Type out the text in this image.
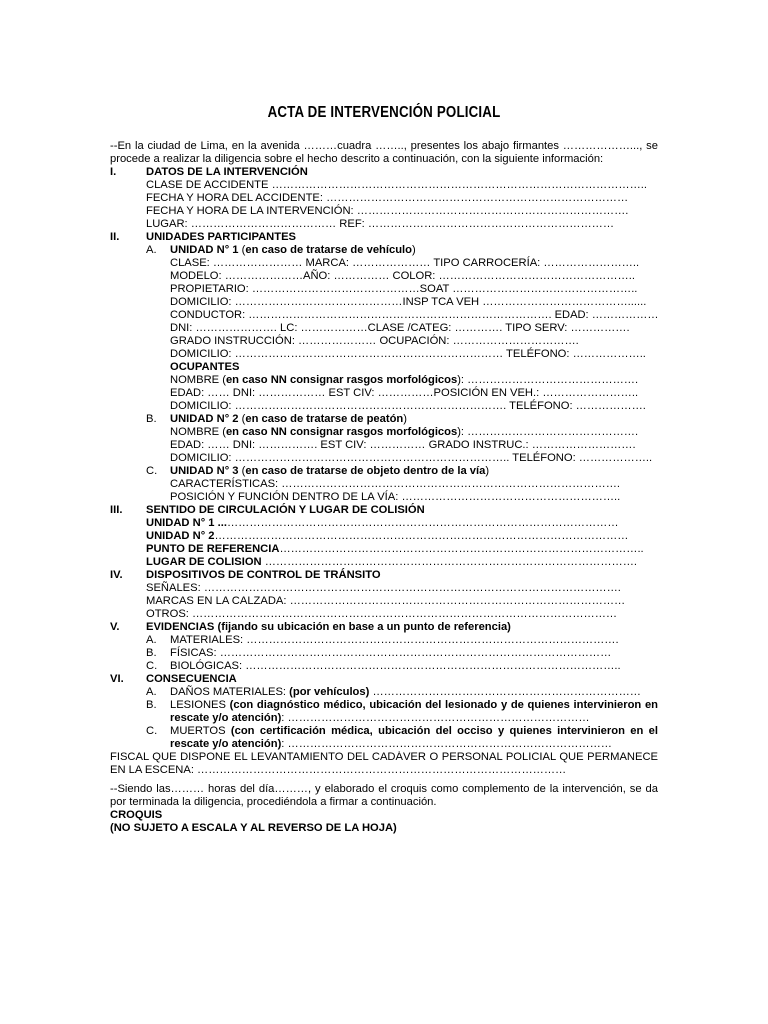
ACTA DE INTERVENCIÓN POLICIAL
--En la ciudad de Lima, en la avenida ………cuadra …….., presentes los abajo firmantes ………………..., se procede a realizar la diligencia sobre el hecho descrito a continuación, con la siguiente información:
I.	DATOS DE LA INTERVENCIÓN
CLASE DE ACCIDENTE ………………………………………………………………………………………..
FECHA Y HORA DEL ACCIDENTE: ………………………………………………………………………
FECHA Y HORA DE LA INTERVENCIÓN: ……………………………………………………………….
LUGAR: ………………………………… REF: …………………………………………………………
II. UNIDADES PARTICIPANTES
A. UNIDAD N° 1 (en caso de tratarse de vehículo)
CLASE: …………………… MARCA: ………………… TIPO CARROCERÍA: ……………………..
MODELO: …………………AÑO: …………… COLOR: ……………………………………………..
PROPIETARIO: ………………………………………SOAT …………………………………………..
DOMICILIO: ………………………………………INSP TCA VEH …………………………………......
CONDUCTOR: ………………………………………………………………………. EDAD: ………………
DNI: …………………. LC: ………………CLASE /CATEG: …………. TIPO SERV: …………….
GRADO INSTRUCCIÓN: ………………… OCUPACIÓN: …………………………….
DOMICILIO: ……………………………………………………………… TELÉFONO: ………………..
OCUPANTES
NOMBRE (en caso NN consignar rasgos morfológicos): ……………………………………….
EDAD: …… DNI: ……………… EST CIV: ……………POSICIÓN EN VEH.: ……………………..
DOMICILIO: ………………………………………………………………. TELÉFONO: ……………….
B. UNIDAD N° 2 (en caso de tratarse de peatón)
NOMBRE (en caso NN consignar rasgos morfológicos): ……………………………………….
EDAD: …… DNI: ……………. EST CIV: …………… GRADO INSTRUC.: ……………………….
DOMICILIO: ……………………………………………………………….. TELÉFONO: ………………..
C. UNIDAD N° 3 (en caso de tratarse de objeto dentro de la vía)
CARACTERÍSTICAS: ……………………………………………………………………………….
POSICIÓN Y FUNCIÓN DENTRO DE LA VÍA: …………………………………………………..
III. SENTIDO DE CIRCULACIÓN Y LUGAR DE COLISIÓN
UNIDAD N° 1 ...……………………………………………………………………………………………
UNIDAD N° 2…………………………………………………………………………………………………
PUNTO DE REFERENCIA……………………………………………………………………………………..
LUGAR DE COLISION ……………………………………………………………………………………….
IV. DISPOSITIVOS DE CONTROL DE TRÁNSITO
SEÑALES: ………………………………………………………………………………………………….
MARCAS EN LA CALZADA: ………………………………………………………………………………
OTROS: ……………………………………………………………………………………………………
V. EVIDENCIAS (fijando su ubicación en base a un punto de referencia)
A. MATERIALES: ……………………………………………………………………………………….
B. FÍSICAS: ……………………………………………………………………………………………
C. BIOLÓGICAS: ………………………………………………………………………………………..
VI. CONSECUENCIA
A. DAÑOS MATERIALES: (por vehículos) ………………………………………………………………
B. LESIONES (con diagnóstico médico, ubicación del lesionado y de quienes intervinieron en rescate y/o atención): ………………………………………………………………………
C. MUERTOS (con certificación médica, ubicación del occiso y quienes intervinieron en el rescate y/o atención): ……………………………………………………………………………
FISCAL QUE DISPONE EL LEVANTAMIENTO DEL CADÁVER O PERSONAL POLICIAL QUE PERMANECE EN LA ESCENA: ………………………………………………………………………………………
--Siendo las……… horas del día………, y elaborado el croquis como complemento de la intervención, se da por terminada la diligencia, procediéndola a firmar a continuación.
CROQUIS
(NO SUJETO A ESCALA Y AL REVERSO DE LA HOJA)
